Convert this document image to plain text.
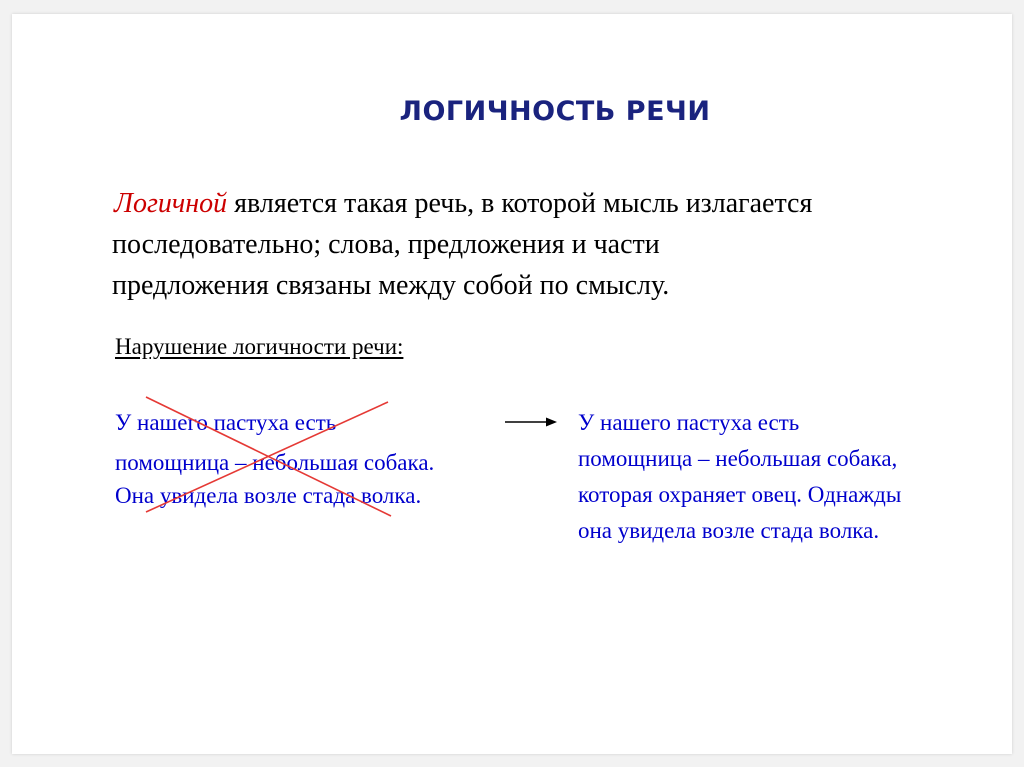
ЛОГИЧНОСТЬ РЕЧИ
Логичной является такая речь, в которой мысль излагается
последовательно; слова, предложения и части
предложения связаны между собой по смыслу.
Нарушение логичности речи:
У нашего пастуха есть
помощница – небольшая собака.
Она увидела возле стада волка.
У нашего пастуха есть
помощница – небольшая собака,
которая охраняет овец. Однажды
она увидела возле стада волка.
